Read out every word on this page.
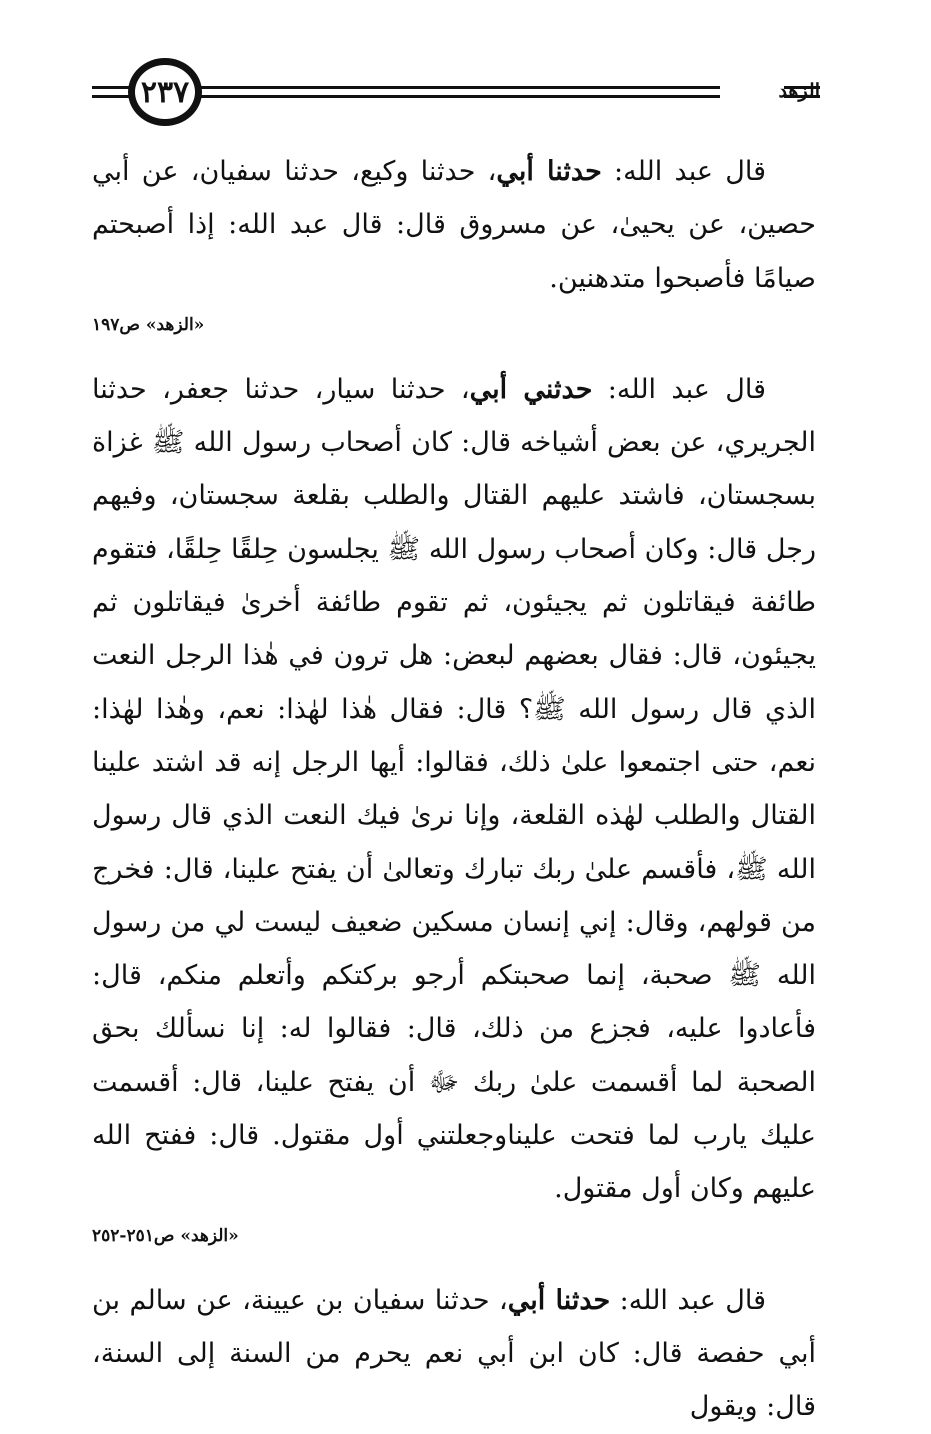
٢٣٧	الزهد

قال عبد الله: حدثنا أبي، حدثنا وكيع، حدثنا سفيان، عن أبي حصين، عن يحيىٰ، عن مسروق قال: قال عبد الله: إذا أصبحتم صيامًا فأصبحوا متدهنين.

«الزهد» ص١٩٧

قال عبد الله: حدثني أبي، حدثنا سيار، حدثنا جعفر، حدثنا الجريري، عن بعض أشياخه قال: كان أصحاب رسول الله ﷺ غزاة بسجستان، فاشتد عليهم القتال والطلب بقلعة سجستان، وفيهم رجل قال: وكان أصحاب رسول الله ﷺ يجلسون حِلقًا حِلقًا، فتقوم طائفة فيقاتلون ثم يجيئون، ثم تقوم طائفة أخرىٰ فيقاتلون ثم يجيئون، قال: فقال بعضهم لبعض: هل ترون في هٰذا الرجل النعت الذي قال رسول الله ﷺ؟ قال: فقال هٰذا لهٰذا: نعم، وهٰذا لهٰذا: نعم، حتى اجتمعوا علىٰ ذلك، فقالوا: أيها الرجل إنه قد اشتد علينا القتال والطلب لهٰذه القلعة، وإنا نرىٰ فيك النعت الذي قال رسول الله ﷺ، فأقسم علىٰ ربك تبارك وتعالىٰ أن يفتح علينا، قال: فخرج من قولهم، وقال: إني إنسان مسكين ضعيف ليست لي من رسول الله ﷺ صحبة، إنما صحبتكم أرجو بركتكم وأتعلم منكم، قال: فأعادوا عليه، فجزع من ذلك، قال: فقالوا له: إنا نسألك بحق الصحبة لما أقسمت علىٰ ربك ﷻ أن يفتح علينا، قال: أقسمت عليك يارب لما فتحت عليناوجعلتني أول مقتول. قال: ففتح الله عليهم وكان أول مقتول.

«الزهد» ص٢٥١-٢٥٢

قال عبد الله: حدثنا أبي، حدثنا سفيان بن عيينة، عن سالم بن أبي حفصة قال: كان ابن أبي نعم يحرم من السنة إلى السنة، قال: ويقول
